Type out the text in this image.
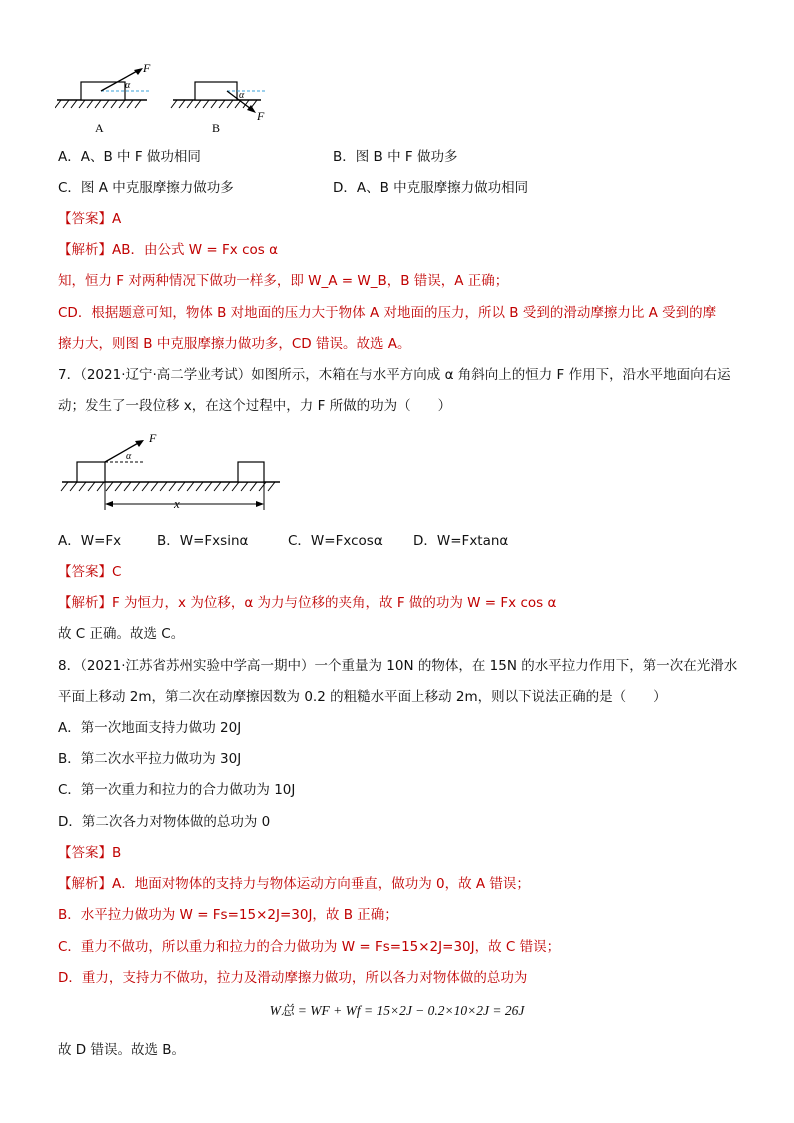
F
α
A
F
α
B
A．A、B 中 F 做功相同	B．图 B 中 F 做功多
C．图 A 中克服摩擦力做功多	D．A、B 中克服摩擦力做功相同
【答案】A
【解析】AB．由公式 W = Fx cos α
知，恒力 F 对两种情况下做功一样多，即 W_A = W_B，B 错误，A 正确；
CD．根据题意可知，物体 B 对地面的压力大于物体 A 对地面的压力，所以 B 受到的滑动摩擦力比 A 受到的摩
擦力大，则图 B 中克服摩擦力做功多，CD 错误。故选 A。
7．（2021·辽宁·高二学业考试）如图所示，木箱在与水平方向成 α 角斜向上的恒力 F 作用下，沿水平地面向右运
动；发生了一段位移 x，在这个过程中，力 F 所做的功为（　　）
F
α
x
A．W=Fx	B．W=Fxsinα	C．W=Fxcosα D．W=Fxtanα
【答案】C
【解析】F 为恒力，x 为位移，α 为力与位移的夹角，故 F 做的功为 W = Fx cos α
故 C 正确。故选 C。
8．（2021·江苏省苏州实验中学高一期中）一个重量为 10N 的物体，在 15N 的水平拉力作用下，第一次在光滑水
平面上移动 2m，第二次在动摩擦因数为 0.2 的粗糙水平面上移动 2m，则以下说法正确的是（　　）
A．第一次地面支持力做功 20J
B．第二次水平拉力做功为 30J
C．第一次重力和拉力的合力做功为 10J
D．第二次各力对物体做的总功为 0
【答案】B
【解析】A．地面对物体的支持力与物体运动方向垂直，做功为 0，故 A 错误；
B．水平拉力做功为 W = Fs=15×2J=30J，故 B 正确；
C．重力不做功，所以重力和拉力的合力做功为 W = Fs=15×2J=30J，故 C 错误；
D．重力，支持力不做功，拉力及滑动摩擦力做功，所以各力对物体做的总功为
W总 = WF + Wf = 15×2J − 0.2×10×2J = 26J
故 D 错误。故选 B。
